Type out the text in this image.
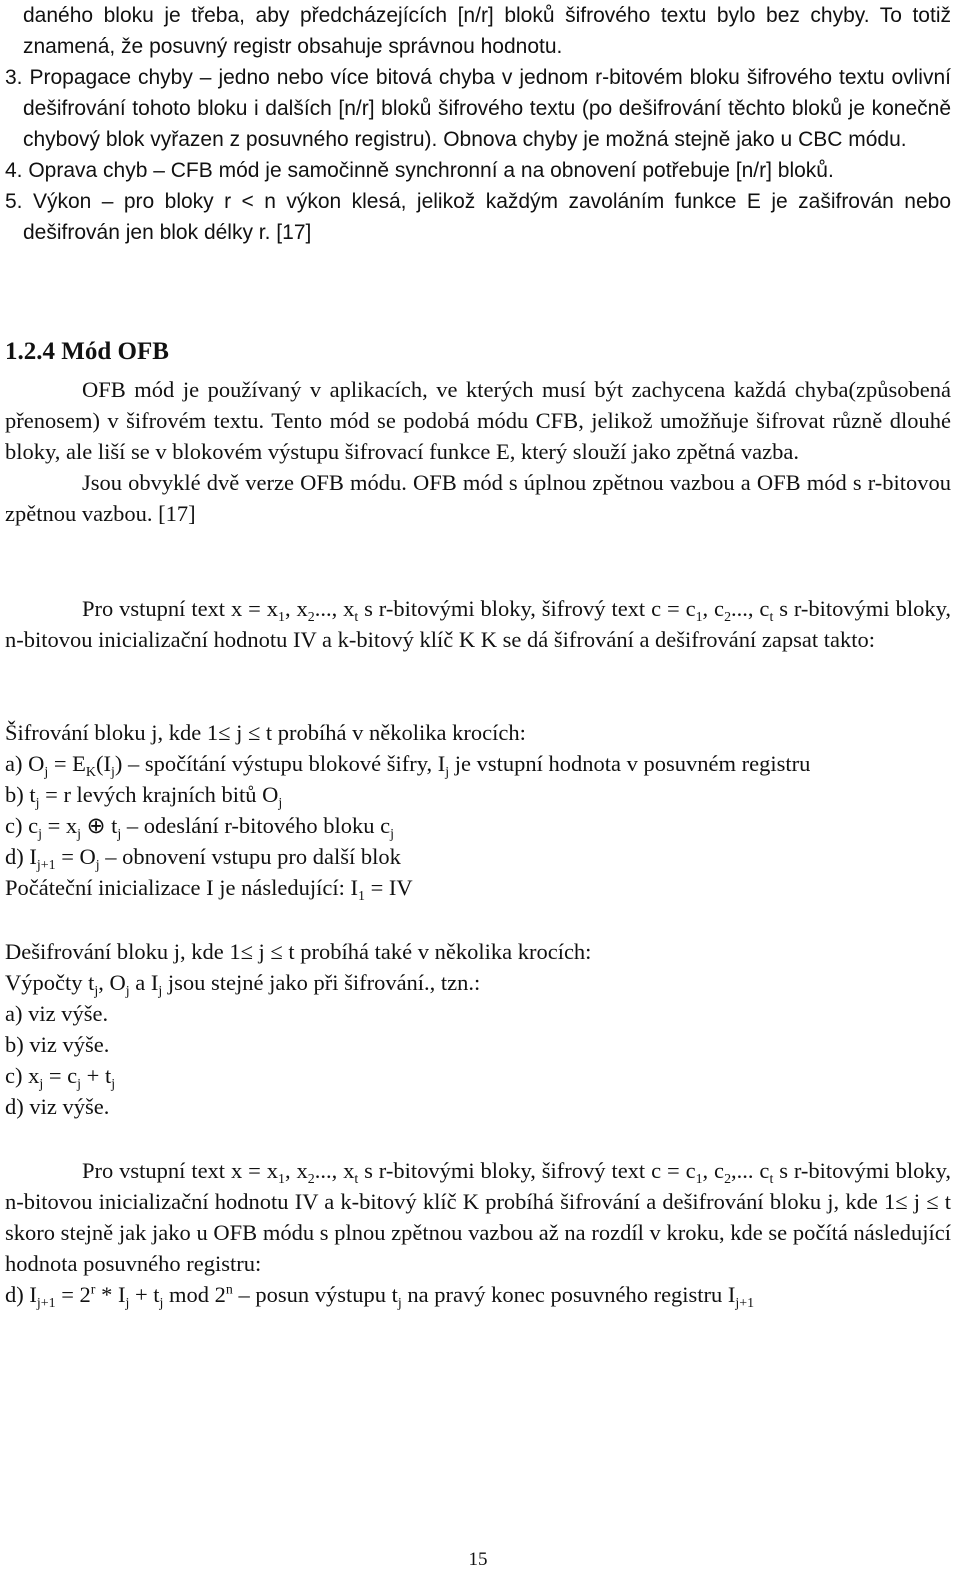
daného bloku je třeba, aby předcházejících [n/r] bloků šifrového textu bylo bez chyby. To totiž znamená, že posuvný registr obsahuje správnou hodnotu.

3. Propagace chyby – jedno nebo více bitová chyba v jednom r-bitovém bloku šifrového textu ovlivní dešifrování tohoto bloku i dalších [n/r] bloků šifrového textu (po dešifrování těchto bloků je konečně chybový blok vyřazen z posuvného registru). Obnova chyby je možná stejně jako u CBC módu.

4. Oprava chyb – CFB mód je samočinně synchronní a na obnovení potřebuje [n/r] bloků.

5. Výkon – pro bloky r < n výkon klesá, jelikož každým zavoláním funkce E je zašifrován nebo dešifrován jen blok délky r. [17]

1.2.4 Mód OFB

OFB mód je používaný v aplikacích, ve kterých musí být zachycena každá chyba(způsobená přenosem) v šifrovém textu. Tento mód se podobá módu CFB, jelikož umožňuje šifrovat různě dlouhé bloky, ale liší se v blokovém výstupu šifrovací funkce E, který slouží jako zpětná vazba.

Jsou obvyklé dvě verze OFB módu. OFB mód s úplnou zpětnou vazbou a OFB mód s r-bitovou zpětnou vazbou. [17]

Pro vstupní text $x = x_1$, $x_2$..., $x_t$ s r-bitovými bloky, šifrový text $c = c_1$, $c_2$..., $c_t$ s r-bitovými bloky, n-bitovou inicializační hodnotu IV a k-bitový klíč K K se dá šifrování a dešifrování zapsat takto:

Šifrování bloku j, kde 1≤ j ≤ t probíhá v několika krocích:

a) $O_j = E_K(I_j)$ – spočítání výstupu blokové šifry, $I_j$ je vstupní hodnota v posuvném registru

b) $t_j = r$ levých krajních bitů $O_j$

c) $c_j = x_j$ ⊕ $t_j$ – odeslání r-bitového bloku $c_j$

d) $I_{j+1} = O_j$ – obnovení vstupu pro další blok

Počáteční inicializace I je následující: $I_1$ = IV

Dešifrování bloku j, kde 1≤ j ≤ t probíhá také v několika krocích:

Výpočty $t_j$, $O_j$ a $I_j$ jsou stejné jako při šifrování., tzn.:

a) viz výše.

b) viz výše.

c) $x_j = c_j + t_j$

d) viz výše.

Pro vstupní text $x = x_1$, $x_2$..., $x_t$ s r-bitovými bloky, šifrový text $c = c_1$, $c_2$,... $c_t$ s r-bitovými bloky, n-bitovou inicializační hodnotu IV a k-bitový klíč K probíhá šifrování a dešifrování bloku j, kde 1≤ j ≤ t skoro stejně jak jako u OFB módu s plnou zpětnou vazbou až na rozdíl v kroku, kde se počítá následující hodnota posuvného registru:

d) $I_{j+1} = 2^r * I_j + t_j$ mod 2$^n$ – posun výstupu $t_j$ na pravý konec posuvného registru $I_{j+1}$

15
